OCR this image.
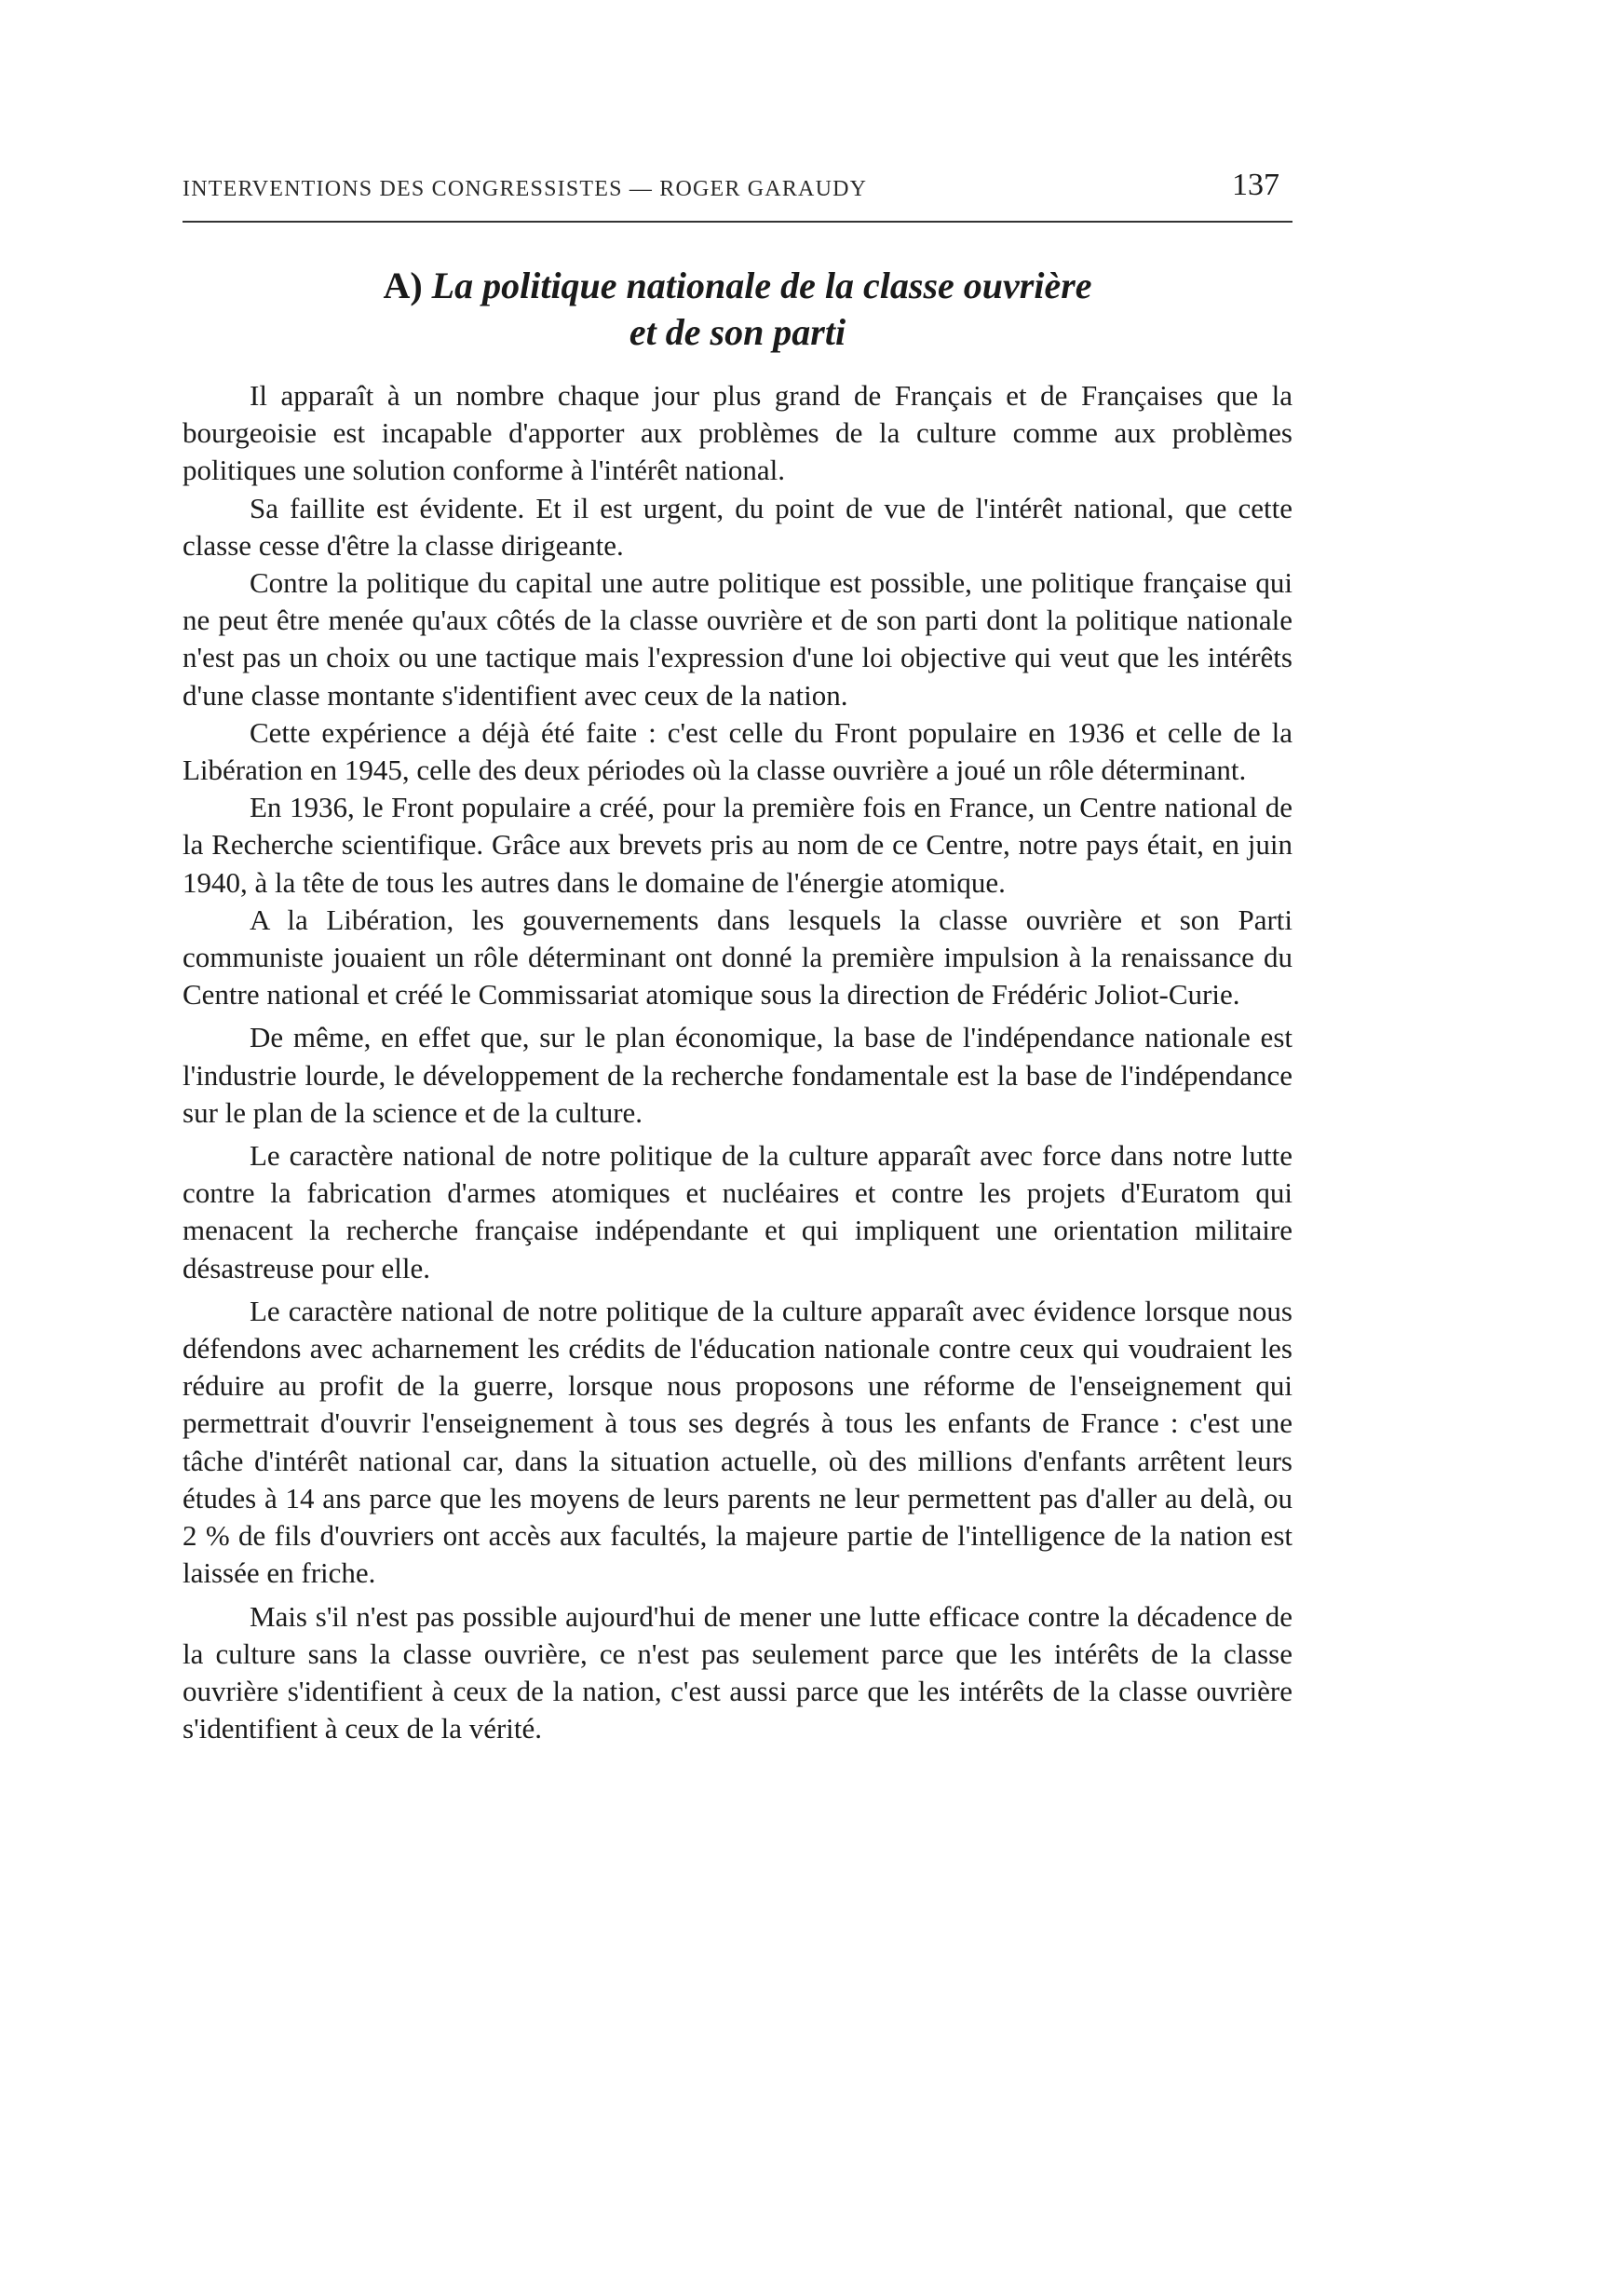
INTERVENTIONS DES CONGRESSISTES — ROGER GARAUDY	137
A) La politique nationale de la classe ouvrière
et de son parti

Il apparaît à un nombre chaque jour plus grand de Français et de Françaises que la bourgeoisie est incapable d'apporter aux problèmes de la culture comme aux problèmes politiques une solution conforme à l'intérêt national.

Sa faillite est évidente. Et il est urgent, du point de vue de l'intérêt national, que cette classe cesse d'être la classe dirigeante.

Contre la politique du capital une autre politique est possible, une politique française qui ne peut être menée qu'aux côtés de la classe ouvrière et de son parti dont la politique nationale n'est pas un choix ou une tactique mais l'expression d'une loi objective qui veut que les intérêts d'une classe montante s'identifient avec ceux de la nation.

Cette expérience a déjà été faite : c'est celle du Front populaire en 1936 et celle de la Libération en 1945, celle des deux périodes où la classe ouvrière a joué un rôle déterminant.

En 1936, le Front populaire a créé, pour la première fois en France, un Centre national de la Recherche scientifique. Grâce aux brevets pris au nom de ce Centre, notre pays était, en juin 1940, à la tête de tous les autres dans le domaine de l'énergie atomique.

A la Libération, les gouvernements dans lesquels la classe ouvrière et son Parti communiste jouaient un rôle déterminant ont donné la première impulsion à la renaissance du Centre national et créé le Commissariat atomique sous la direction de Frédéric Joliot-Curie.

De même, en effet que, sur le plan économique, la base de l'indépendance nationale est l'industrie lourde, le développement de la recherche fondamentale est la base de l'indépendance sur le plan de la science et de la culture.

Le caractère national de notre politique de la culture apparaît avec force dans notre lutte contre la fabrication d'armes atomiques et nucléaires et contre les projets d'Euratom qui menacent la recherche française indépendante et qui impliquent une orientation militaire désastreuse pour elle.

Le caractère national de notre politique de la culture apparaît avec évidence lorsque nous défendons avec acharnement les crédits de l'éducation nationale contre ceux qui voudraient les réduire au profit de la guerre, lorsque nous proposons une réforme de l'enseignement qui permettrait d'ouvrir l'enseignement à tous ses degrés à tous les enfants de France : c'est une tâche d'intérêt national car, dans la situation actuelle, où des millions d'enfants arrêtent leurs études à 14 ans parce que les moyens de leurs parents ne leur permettent pas d'aller au delà, ou 2 % de fils d'ouvriers ont accès aux facultés, la majeure partie de l'intelligence de la nation est laissée en friche.

Mais s'il n'est pas possible aujourd'hui de mener une lutte efficace contre la décadence de la culture sans la classe ouvrière, ce n'est pas seulement parce que les intérêts de la classe ouvrière s'identifient à ceux de la nation, c'est aussi parce que les intérêts de la classe ouvrière s'identifient à ceux de la vérité.
